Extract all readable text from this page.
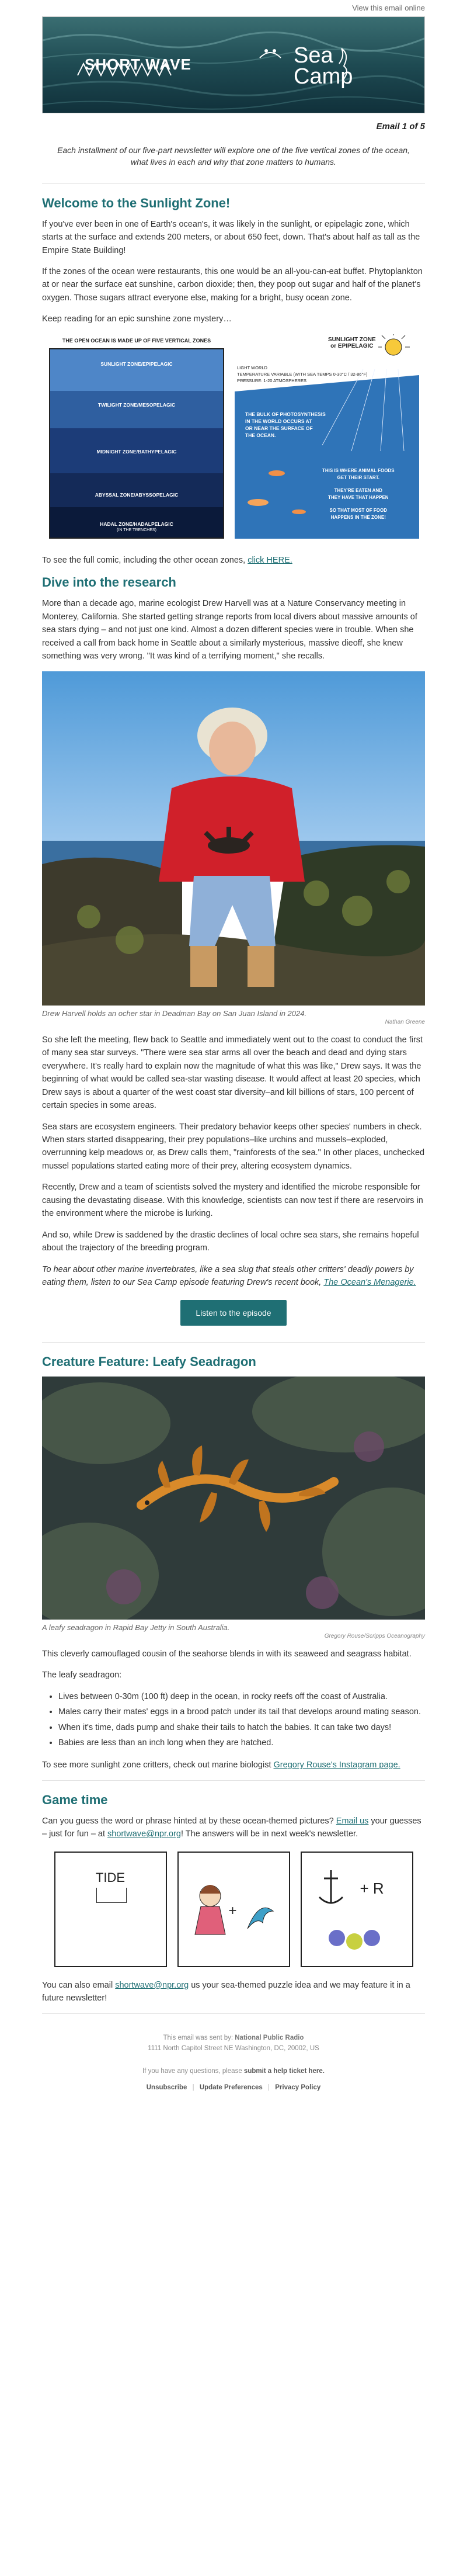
View this email online
SHORT WAVE	Sea
Camp
Email 1 of 5
Each installment of our five-part newsletter will explore one of the five vertical zones of the ocean, what lives in each and why that zone matters to humans.
Welcome to the Sunlight Zone!

If you've ever been in one of Earth's ocean's, it was likely in the sunlight, or epipelagic zone, which starts at the surface and extends 200 meters, or about 650 feet, down. That's about half as tall as the Empire State Building!

If the zones of the ocean were restaurants, this one would be an all-you-can-eat buffet. Phytoplankton at or near the surface eat sunshine, carbon dioxide; then, they poop out sugar and half of the planet's oxygen. Those sugars attract everyone else, making for a bright, busy ocean zone.

Keep reading for an epic sunshine zone mystery…

THE OPEN OCEAN IS MADE UP OF FIVE VERTICAL ZONES
SUNLIGHT ZONE/EPIPELAGIC
TWILIGHT ZONE/MESOPELAGIC
MIDNIGHT ZONE/BATHYPELAGIC
ABYSSAL ZONE/ABYSSOPELAGIC
HADAL ZONE/HADALPELAGIC
(IN THE TRENCHES)
SUNLIGHT ZONE
or EPIPELAGIC
LIGHT WORLD
TEMPERATURE VARIABLE (WITH SEA TEMPS 0-30°C / 32-86°F)
PRESSURE: 1-20 ATMOSPHERES
THE BULK OF PHOTOSYNTHESIS
IN THE WORLD OCCURS AT
OR NEAR THE SURFACE OF
THE OCEAN.
THIS IS WHERE ANIMAL FOODS
GET THEIR START.
THEY'RE EATEN AND
THEY HAVE THAT HAPPEN
SO THAT MOST OF FOOD
HAPPENS IN THE ZONE!

To see the full comic, including the other ocean zones, click HERE.

Dive into the research

More than a decade ago, marine ecologist Drew Harvell was at a Nature Conservancy meeting in Monterey, California. She started getting strange reports from local divers about massive amounts of sea stars dying – and not just one kind. Almost a dozen different species were in trouble. When she received a call from back home in Seattle about a similarly mysterious, massive dieoff, she knew something was very wrong. "It was kind of a terrifying moment," she recalls.

Drew Harvell holds an ocher star in Deadman Bay on San Juan Island in 2024.
Nathan Greene

So she left the meeting, flew back to Seattle and immediately went out to the coast to conduct the first of many sea star surveys. "There were sea star arms all over the beach and dead and dying stars everywhere. It's really hard to explain now the magnitude of what this was like," Drew says. It was the beginning of what would be called sea-star wasting disease. It would affect at least 20 species, which Drew says is about a quarter of the west coast star diversity–and kill billions of stars, 100 percent of certain species in some areas.

Sea stars are ecosystem engineers. Their predatory behavior keeps other species' numbers in check. When stars started disappearing, their prey populations–like urchins and mussels–exploded, overrunning kelp meadows or, as Drew calls them, "rainforests of the sea." In other places, unchecked mussel populations started eating more of their prey, altering ecosystem dynamics.

Recently, Drew and a team of scientists solved the mystery and identified the microbe responsible for causing the devastating disease. With this knowledge, scientists can now test if there are reservoirs in the environment where the microbe is lurking.

And so, while Drew is saddened by the drastic declines of local ochre sea stars, she remains hopeful about the trajectory of the breeding program.

To hear about other marine invertebrates, like a sea slug that steals other critters' deadly powers by eating them, listen to our Sea Camp episode featuring Drew's recent book, The Ocean's Menagerie.

Listen to the episode
Creature Feature: Leafy Seadragon
A leafy seadragon in Rapid Bay Jetty in South Australia.
Gregory Rouse/Scripps Oceanography

This cleverly camouflaged cousin of the seahorse blends in with its seaweed and seagrass habitat.

The leafy seadragon:

• Lives between 0-30m (100 ft) deep in the ocean, in rocky reefs off the coast of Australia.
• Males carry their mates' eggs in a brood patch under its tail that develops around mating season.
• When it's time, dads pump and shake their tails to hatch the babies. It can take two days!
• Babies are less than an inch long when they are hatched.

To see more sunlight zone critters, check out marine biologist Gregory Rouse's Instagram page.

Game time

Can you guess the word or phrase hinted at by these ocean-themed pictures? Email us your guesses – just for fun – at shortwave@npr.org! The answers will be in next week's newsletter.

TIDE
+
+ R

You can also email shortwave@npr.org us your sea-themed puzzle idea and we may feature it in a future newsletter!

This email was sent by: National Public Radio
1111 North Capitol Street NE Washington, DC, 20002, US
If you have any questions, please submit a help ticket here.
Unsubscribe | Update Preferences | Privacy Policy
